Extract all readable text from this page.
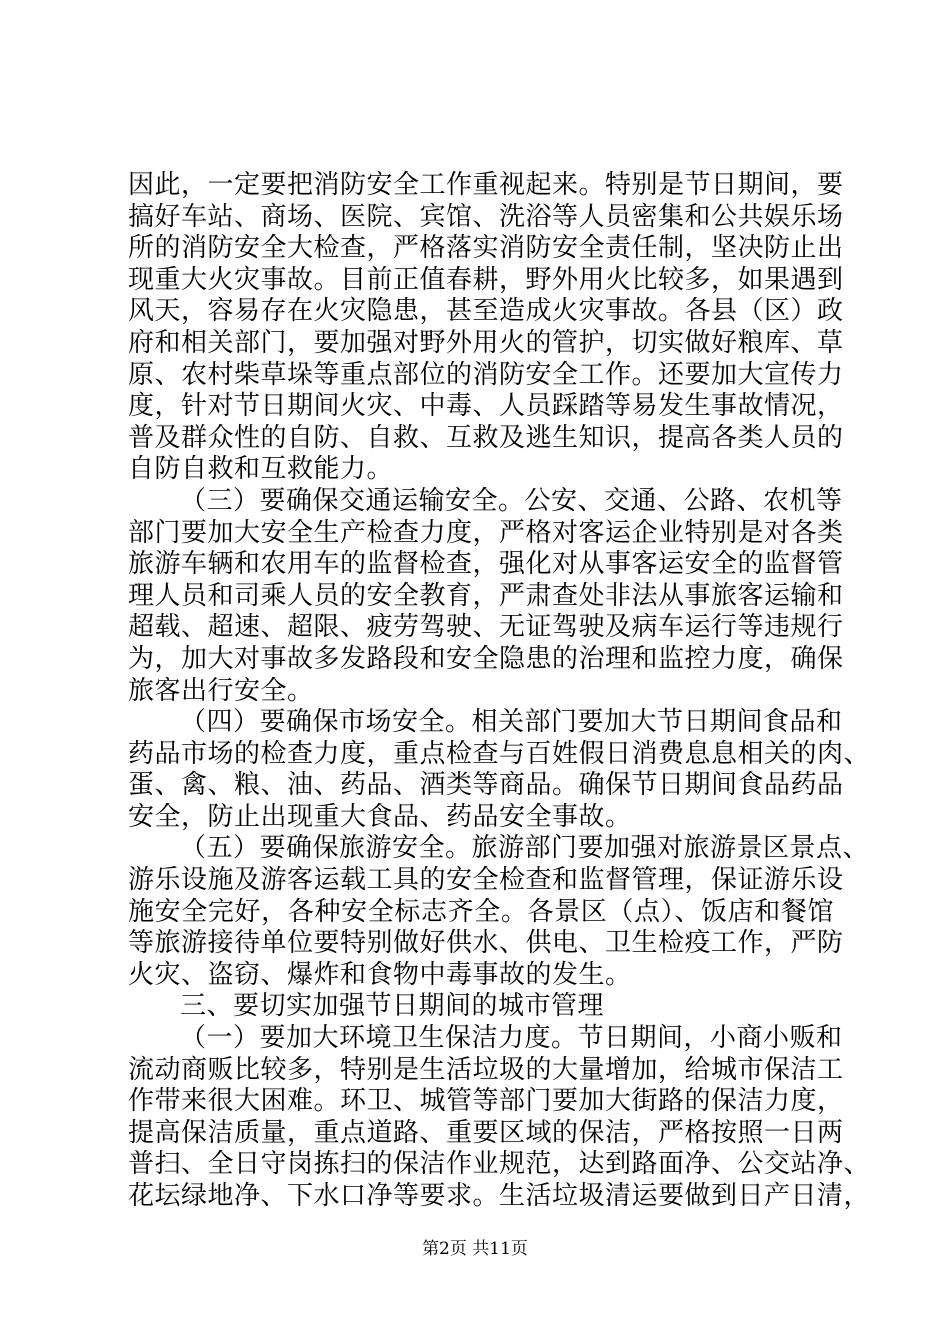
因此，一定要把消防安全工作重视起来。特别是节日期间，要
搞好车站、商场、医院、宾馆、洗浴等人员密集和公共娱乐场
所的消防安全大检查，严格落实消防安全责任制，坚决防止出
现重大火灾事故。目前正值春耕，野外用火比较多，如果遇到
风天，容易存在火灾隐患，甚至造成火灾事故。各县（区）政
府和相关部门，要加强对野外用火的管护，切实做好粮库、草
原、农村柴草垛等重点部位的消防安全工作。还要加大宣传力
度，针对节日期间火灾、中毒、人员踩踏等易发生事故情况，
普及群众性的自防、自救、互救及逃生知识，提高各类人员的
自防自救和互救能力。
（三）要确保交通运输安全。公安、交通、公路、农机等
部门要加大安全生产检查力度，严格对客运企业特别是对各类
旅游车辆和农用车的监督检查，强化对从事客运安全的监督管
理人员和司乘人员的安全教育，严肃查处非法从事旅客运输和
超载、超速、超限、疲劳驾驶、无证驾驶及病车运行等违规行
为，加大对事故多发路段和安全隐患的治理和监控力度，确保
旅客出行安全。
（四）要确保市场安全。相关部门要加大节日期间食品和
药品市场的检查力度，重点检查与百姓假日消费息息相关的肉、
蛋、禽、粮、油、药品、酒类等商品。确保节日期间食品药品
安全，防止出现重大食品、药品安全事故。
（五）要确保旅游安全。旅游部门要加强对旅游景区景点、
游乐设施及游客运载工具的安全检查和监督管理，保证游乐设
施安全完好，各种安全标志齐全。各景区（点）、饭店和餐馆
等旅游接待单位要特别做好供水、供电、卫生检疫工作，严防
火灾、盗窃、爆炸和食物中毒事故的发生。
三、要切实加强节日期间的城市管理
（一）要加大环境卫生保洁力度。节日期间，小商小贩和
流动商贩比较多，特别是生活垃圾的大量增加，给城市保洁工
作带来很大困难。环卫、城管等部门要加大街路的保洁力度，
提高保洁质量，重点道路、重要区域的保洁，严格按照一日两
普扫、全日守岗拣扫的保洁作业规范，达到路面净、公交站净、
花坛绿地净、下水口净等要求。生活垃圾清运要做到日产日清，
第2页 共11页
